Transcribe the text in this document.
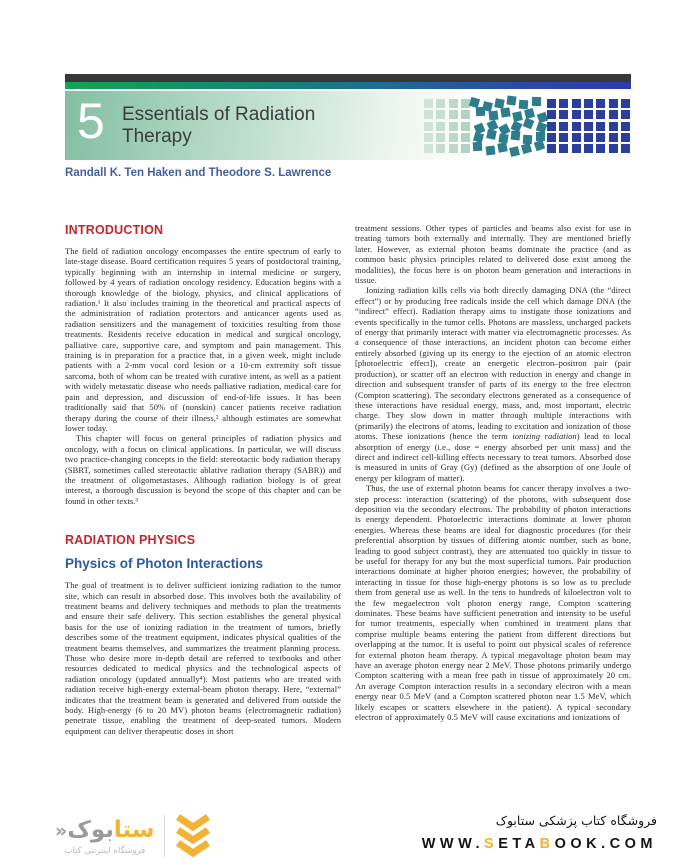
5 Essentials of Radiation
Therapy
Randall K. Ten Haken and Theodore S. Lawrence
INTRODUCTION

The field of radiation oncology encompasses the entire spectrum of early to late-stage disease. Board certification requires 5 years of postdoctoral training, typically beginning with an internship in internal medicine or surgery, followed by 4 years of radiation oncology residency. Education begins with a thorough knowledge of the biology, physics, and clinical applications of radiation.¹ It also includes training in the theoretical and practical aspects of the administration of radiation protectors and anticancer agents used as radiation sensitizers and the management of toxicities resulting from those treatments. Residents receive education in medical and surgical oncology, palliative care, supportive care, and symptom and pain management. This training is in preparation for a practice that, in a given week, might include patients with a 2-mm vocal cord lesion or a 10-cm extremity soft tissue sarcoma, both of whom can be treated with curative intent, as well as a patient with widely metastatic disease who needs palliative radiation, medical care for pain and depression, and discussion of end-of-life issues. It has been traditionally said that 50% of (nonskin) cancer patients receive radiation therapy during the course of their illness,² although estimates are somewhat lower today.

This chapter will focus on general principles of radiation physics and oncology, with a focus on clinical applications. In particular, we will discuss two practice-changing concepts in the field: stereotactic body radiation therapy (SBRT, sometimes called stereotactic ablative radiation therapy (SABR)) and the treatment of oligometastases. Although radiation biology is of great interest, a thorough discussion is beyond the scope of this chapter and can be found in other texts.³

RADIATION PHYSICS
Physics of Photon Interactions

The goal of treatment is to deliver sufficient ionizing radiation to the tumor site, which can result in absorbed dose. This involves both the availability of treatment beams and delivery techniques and methods to plan the treatments and ensure their safe delivery. This section establishes the general physical basis for the use of ionizing radiation in the treatment of tumors, briefly describes some of the treatment equipment, indicates physical qualities of the treatment beams themselves, and summarizes the treatment planning process. Those who desire more in-depth detail are referred to textbooks and other resources dedicated to medical physics and the technological aspects of radiation oncology (updated annually⁴). Most patients who are treated with radiation receive high-energy external-beam photon therapy. Here, “external” indicates that the treatment beam is generated and delivered from outside the body. High-energy (6 to 20 MV) photon beams (electromagnetic radiation) penetrate tissue, enabling the treatment of deep-seated tumors. Modern equipment can deliver therapeutic doses in short

treatment sessions. Other types of particles and beams also exist for use in treating tumors both externally and internally. They are mentioned briefly later. However, as external photon beams dominate the practice (and as common basic physics principles related to delivered dose exist among the modalities), the focus here is on photon beam generation and interactions in tissue.

Ionizing radiation kills cells via both directly damaging DNA (the “direct effect”) or by producing free radicals inside the cell which damage DNA (the “indirect” effect). Radiation therapy aims to instigate those ionizations and events specifically in the tumor cells. Photons are massless, uncharged packets of energy that primarily interact with matter via electromagnetic processes. As a consequence of those interactions, an incident photon can become either entirely absorbed (giving up its energy to the ejection of an atomic electron [photoelectric effect]), create an energetic electron–positron pair (pair production), or scatter off an electron with reduction in energy and change in direction and subsequent transfer of parts of its energy to the free electron (Compton scattering). The secondary electrons generated as a consequence of these interactions have residual energy, mass, and, most important, electric charge. They slow down in matter through multiple interactions with (primarily) the electrons of atoms, leading to excitation and ionization of those atoms. These ionizations (hence the term ionizing radiation) lead to local absorption of energy (i.e., dose = energy absorbed per unit mass) and the direct and indirect cell-killing effects necessary to treat tumors. Absorbed dose is measured in units of Gray (Gy) (defined as the absorption of one Joule of energy per kilogram of matter).

Thus, the use of external photon beams for cancer therapy involves a two-step process: interaction (scattering) of the photons, with subsequent dose deposition via the secondary electrons. The probability of photon interactions is energy dependent. Photoelectric interactions dominate at lower photon energies. Whereas these beams are ideal for diagnostic procedures (for their preferential absorption by tissues of differing atomic number, such as bone, leading to good subject contrast), they are attenuated too quickly in tissue to be useful for therapy for any but the most superficial tumors. Pair production interactions dominate at higher photon energies; however, the probability of interacting in tissue for those high-energy photons is so low as to preclude them from general use as well. In the tens to hundreds of kiloelectron volt to the few megaelectron volt photon energy range, Compton scattering dominates. These beams have sufficient penetration and intensity to be useful for tumor treatments, especially when combined in treatment plans that comprise multiple beams entering the patient from different directions but overlapping at the tumor. It is useful to point out physical scales of reference for external photon beam therapy. A typical megavoltage photon beam may have an average photon energy near 2 MeV. Those photons primarily undergo Compton scattering with a mean free path in tissue of approximately 20 cm. An average Compton interaction results in a secondary electron with a mean energy near 0.5 MeV (and a Compton scattered photon near 1.5 MeV, which likely escapes or scatters elsewhere in the patient). A typical secondary electron of approximately 0.5 MeV will cause excitations and ionizations of

ستابوک«
فروشگاه اینترنتی کتاب
فروشگاه کتاب پزشکی ستابوک
WWW.SETABOOK.COM
